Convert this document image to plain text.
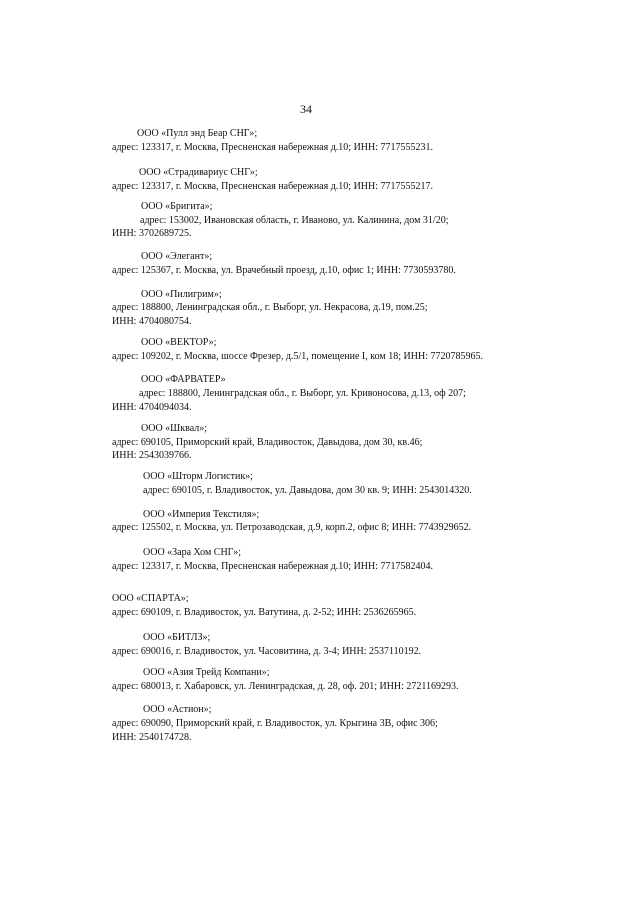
34
ООО «Пулл энд Беар СНГ»;
адрес: 123317, г. Москва, Пресненская набережная д.10; ИНН: 7717555231.
ООО «Страдивариус СНГ»;
адрес: 123317, г. Москва, Пресненская набережная д.10; ИНН: 7717555217.
ООО «Бригита»;
адрес: 153002, Ивановская область, г. Иваново, ул. Калинина, дом 31/20;
ИНН: 3702689725.
ООО «Элегант»;
адрес: 125367, г. Москва, ул. Врачебный проезд, д.10, офис 1; ИНН: 7730593780.
ООО «Пилигрим»;
адрес: 188800, Ленинградская обл., г. Выборг, ул. Некрасова, д.19, пом.25;
ИНН: 4704080754.
ООО «ВЕКТОР»;
адрес: 109202, г. Москва, шоссе Фрезер, д.5/1, помещение I, ком 18; ИНН: 7720785965.
ООО «ФАРВАТЕР»
адрес: 188800, Ленинградская обл., г. Выборг, ул. Кривоносова, д.13, оф 207;
ИНН: 4704094034.
ООО «Шквал»;
адрес: 690105, Приморский край, Владивосток, Давыдова, дом 30, кв.46;
ИНН: 2543039766.
ООО «Шторм Логистик»;
адрес: 690105, г. Владивосток, ул. Давыдова, дом 30 кв. 9; ИНН: 2543014320.
ООО «Империя Текстиля»;
адрес: 125502, г. Москва, ул. Петрозаводская, д.9, корп.2, офис 8; ИНН: 7743929652.
ООО «Зара Хом СНГ»;
адрес: 123317, г. Москва, Пресненская набережная д.10; ИНН: 7717582404.
ООО «СПАРТА»;
адрес: 690109, г. Владивосток, ул. Ватутина, д. 2-52; ИНН: 2536265965.
ООО «БИТЛЗ»;
адрес: 690016, г. Владивосток, ул. Часовитина, д. 3-4; ИНН: 2537110192.
ООО «Азия Трейд Компани»;
адрес: 680013, г. Хабаровск, ул. Ленинградская, д. 28, оф. 201; ИНН: 2721169293.
ООО «Астион»;
адрес: 690090, Приморский край, г. Владивосток, ул. Крыгина 3В, офис 306;
ИНН: 2540174728.
